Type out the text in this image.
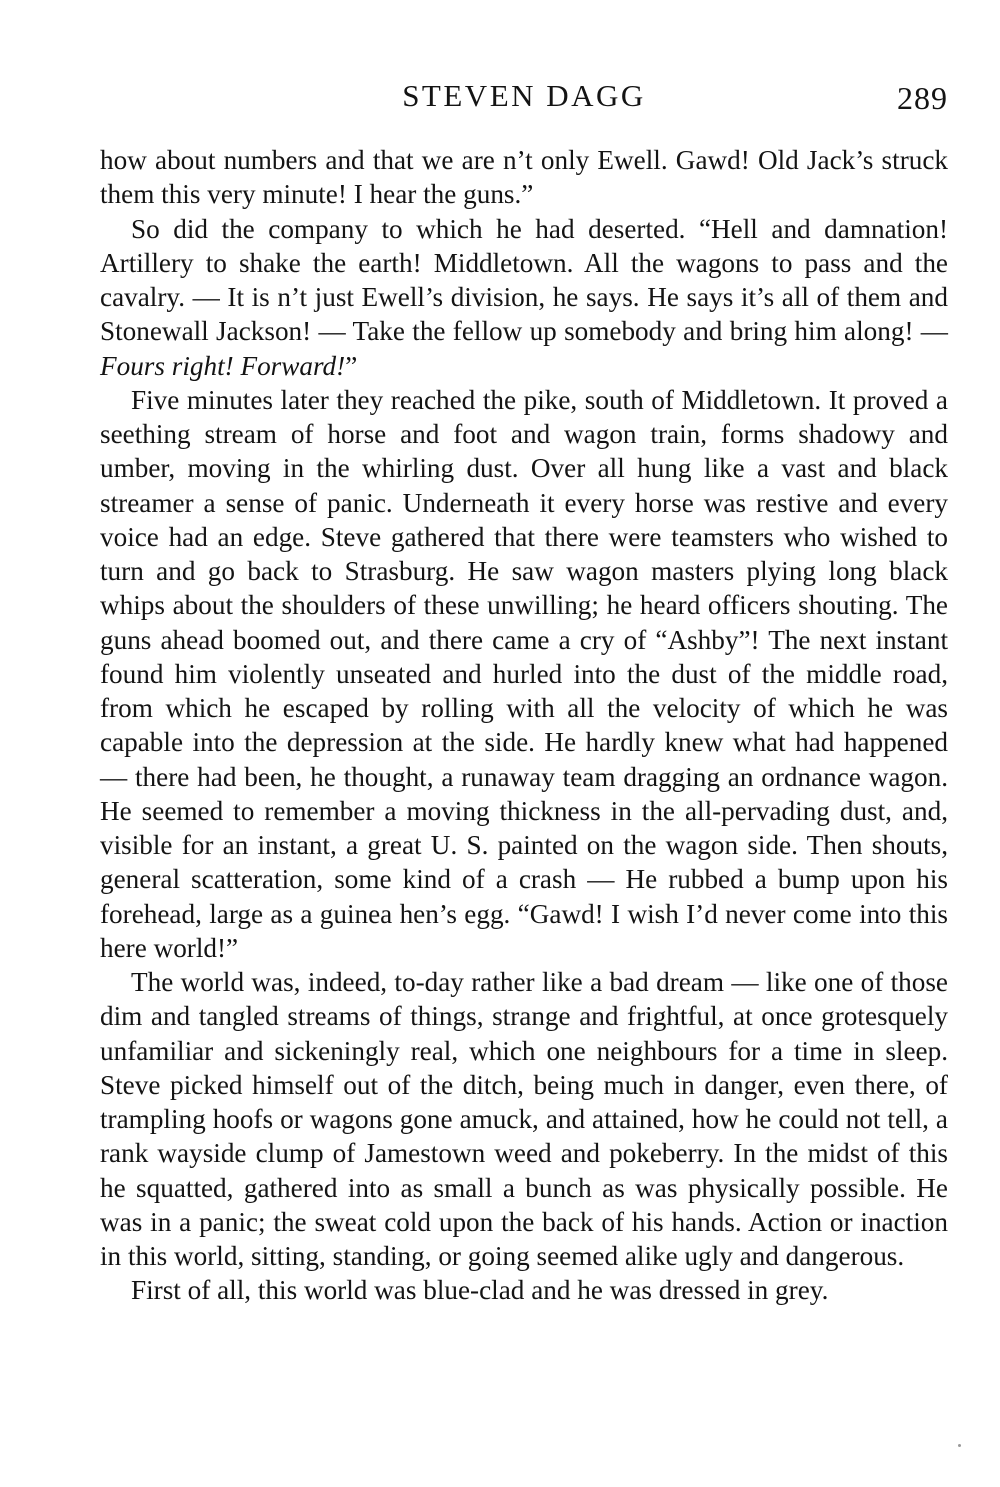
STEVEN DAGG	289

how about numbers and that we are n’t only Ewell. Gawd! Old Jack’s struck them this very minute! I hear the guns.”

So did the company to which he had deserted. “Hell and damnation! Artillery to shake the earth! Middletown. All the wagons to pass and the cavalry. — It is n’t just Ewell’s division, he says. He says it’s all of them and Stonewall Jackson! — Take the fellow up somebody and bring him along! — Fours right! Forward!”

Five minutes later they reached the pike, south of Middletown. It proved a seething stream of horse and foot and wagon train, forms shadowy and umber, moving in the whirling dust. Over all hung like a vast and black streamer a sense of panic. Underneath it every horse was restive and every voice had an edge. Steve gathered that there were teamsters who wished to turn and go back to Strasburg. He saw wagon masters plying long black whips about the shoulders of these unwilling; he heard officers shouting. The guns ahead boomed out, and there came a cry of “Ashby”! The next instant found him violently unseated and hurled into the dust of the middle road, from which he escaped by rolling with all the velocity of which he was capable into the depression at the side. He hardly knew what had happened — there had been, he thought, a runaway team dragging an ordnance wagon. He seemed to remember a moving thickness in the all-pervading dust, and, visible for an instant, a great U. S. painted on the wagon side. Then shouts, general scatteration, some kind of a crash — He rubbed a bump upon his forehead, large as a guinea hen’s egg. “Gawd! I wish I’d never come into this here world!”

The world was, indeed, to-day rather like a bad dream — like one of those dim and tangled streams of things, strange and frightful, at once grotesquely unfamiliar and sickeningly real, which one neighbours for a time in sleep. Steve picked himself out of the ditch, being much in danger, even there, of trampling hoofs or wagons gone amuck, and attained, how he could not tell, a rank wayside clump of Jamestown weed and pokeberry. In the midst of this he squatted, gathered into as small a bunch as was physically possible. He was in a panic; the sweat cold upon the back of his hands. Action or inaction in this world, sitting, standing, or going seemed alike ugly and dangerous.

First of all, this world was blue-clad and he was dressed in grey.
